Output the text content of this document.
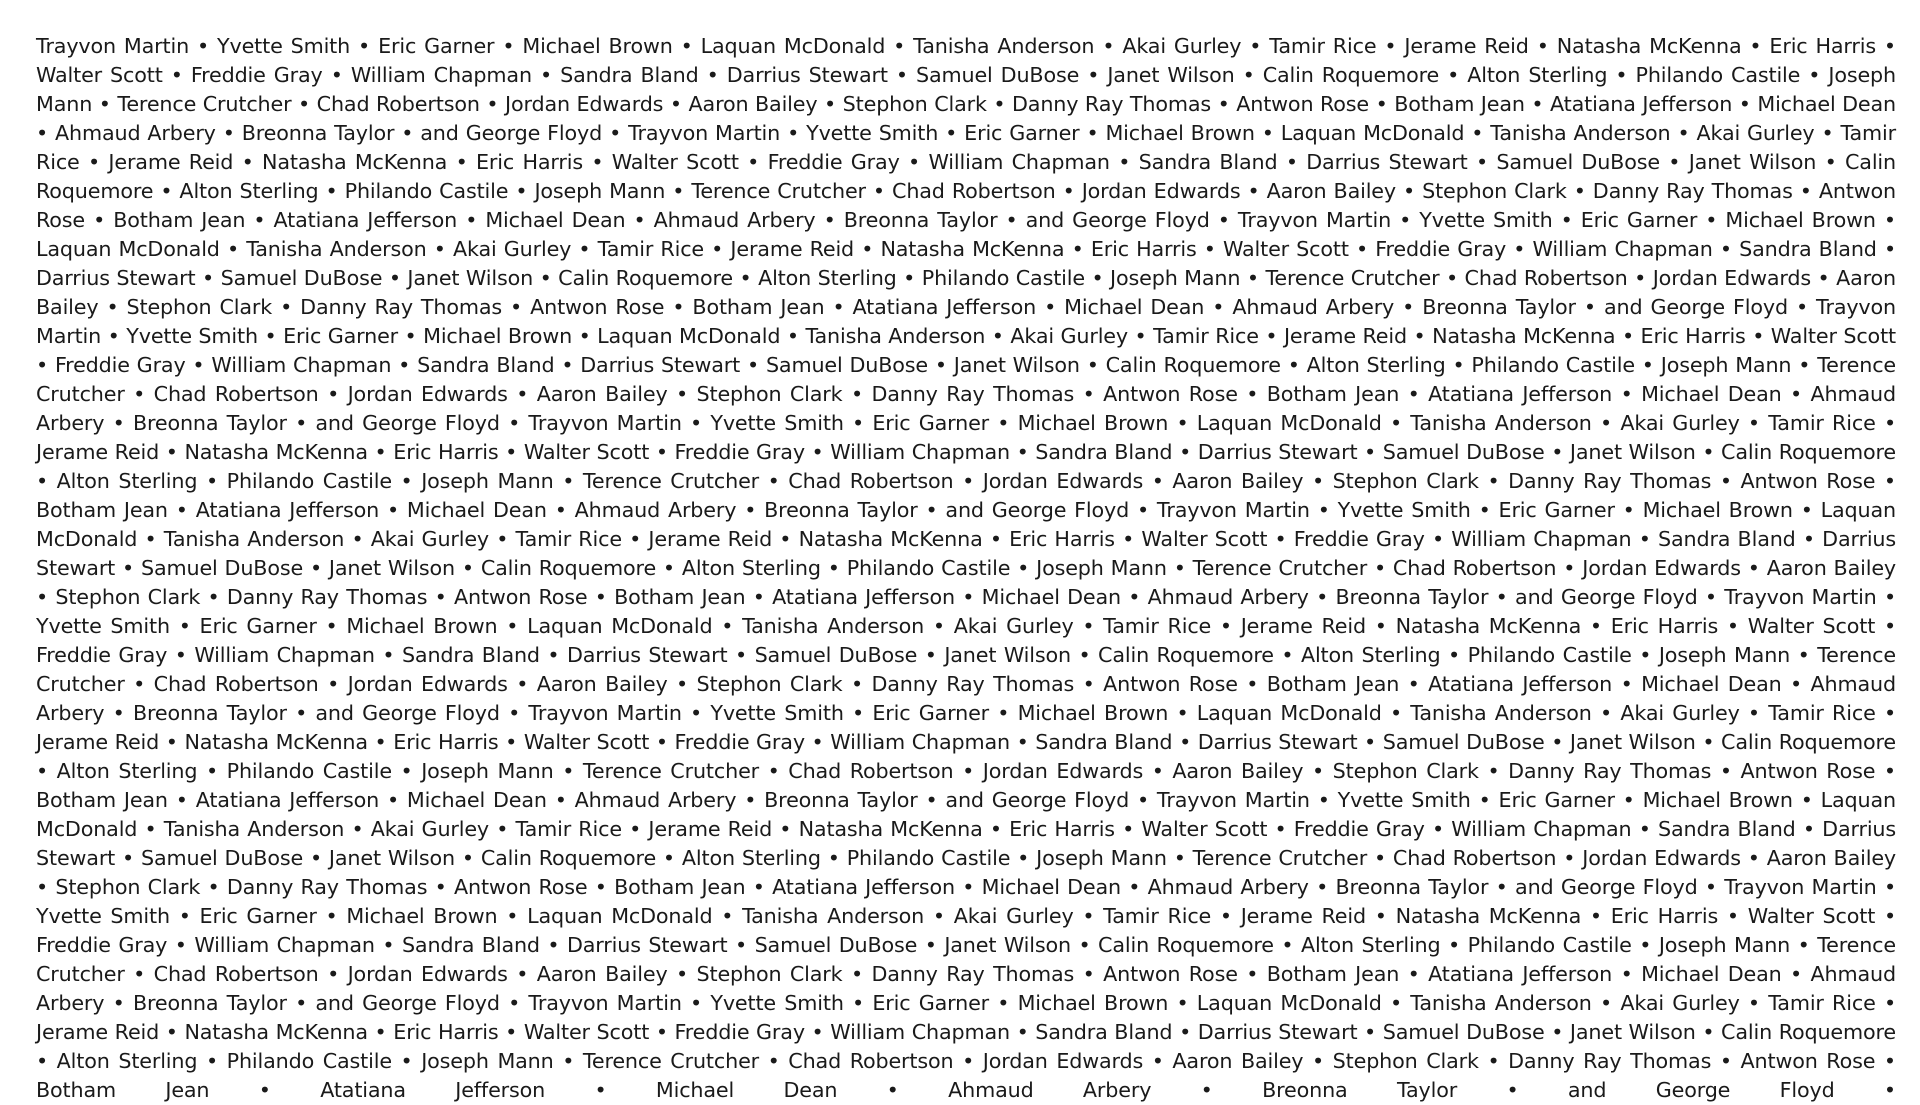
Trayvon Martin • Yvette Smith • Eric Garner • Michael Brown • Laquan McDonald • Tanisha Anderson • Akai Gurley • Tamir Rice • Jerame Reid • Natasha McKenna • Eric Harris • Walter Scott • Freddie Gray • William Chapman • Sandra Bland • Darrius Stewart • Samuel DuBose • Janet Wilson • Calin Roquemore • Alton Sterling • Philando Castile • Joseph Mann • Terence Crutcher • Chad Robertson • Jordan Edwards • Aaron Bailey • Stephon Clark • Danny Ray Thomas • Antwon Rose • Botham Jean • Atatiana Jefferson • Michael Dean • Ahmaud Arbery • Breonna Taylor • and George Floyd • Trayvon Martin • Yvette Smith • Eric Garner • Michael Brown • Laquan McDonald • Tanisha Anderson • Akai Gurley • Tamir Rice • Jerame Reid • Natasha McKenna • Eric Harris • Walter Scott • Freddie Gray • William Chapman • Sandra Bland • Darrius Stewart • Samuel DuBose • Janet Wilson • Calin Roquemore • Alton Sterling • Philando Castile • Joseph Mann • Terence Crutcher • Chad Robertson • Jordan Edwards • Aaron Bailey • Stephon Clark • Danny Ray Thomas • Antwon Rose • Botham Jean • Atatiana Jefferson • Michael Dean • Ahmaud Arbery • Breonna Taylor • and George Floyd • Trayvon Martin • Yvette Smith • Eric Garner • Michael Brown • Laquan McDonald • Tanisha Anderson • Akai Gurley • Tamir Rice • Jerame Reid • Natasha McKenna • Eric Harris • Walter Scott • Freddie Gray • William Chapman • Sandra Bland • Darrius Stewart • Samuel DuBose • Janet Wilson • Calin Roquemore • Alton Sterling • Philando Castile • Joseph Mann • Terence Crutcher • Chad Robertson • Jordan Edwards • Aaron Bailey • Stephon Clark • Danny Ray Thomas • Antwon Rose • Botham Jean • Atatiana Jefferson • Michael Dean • Ahmaud Arbery • Breonna Taylor • and George Floyd • Trayvon Martin • Yvette Smith • Eric Garner • Michael Brown • Laquan McDonald • Tanisha Anderson • Akai Gurley • Tamir Rice • Jerame Reid • Natasha McKenna • Eric Harris • Walter Scott • Freddie Gray • William Chapman • Sandra Bland • Darrius Stewart • Samuel DuBose • Janet Wilson • Calin Roquemore • Alton Sterling • Philando Castile • Joseph Mann • Terence Crutcher • Chad Robertson • Jordan Edwards • Aaron Bailey • Stephon Clark • Danny Ray Thomas • Antwon Rose • Botham Jean • Atatiana Jefferson • Michael Dean • Ahmaud Arbery • Breonna Taylor • and George Floyd • Trayvon Martin • Yvette Smith • Eric Garner • Michael Brown • Laquan McDonald • Tanisha Anderson • Akai Gurley • Tamir Rice • Jerame Reid • Natasha McKenna • Eric Harris • Walter Scott • Freddie Gray • William Chapman • Sandra Bland • Darrius Stewart • Samuel DuBose • Janet Wilson • Calin Roquemore • Alton Sterling • Philando Castile • Joseph Mann • Terence Crutcher • Chad Robertson • Jordan Edwards • Aaron Bailey • Stephon Clark • Danny Ray Thomas • Antwon Rose • Botham Jean • Atatiana Jefferson • Michael Dean • Ahmaud Arbery • Breonna Taylor • and George Floyd • Trayvon Martin • Yvette Smith • Eric Garner • Michael Brown • Laquan McDonald • Tanisha Anderson • Akai Gurley • Tamir Rice • Jerame Reid • Natasha McKenna • Eric Harris • Walter Scott • Freddie Gray • William Chapman • Sandra Bland • Darrius Stewart • Samuel DuBose • Janet Wilson • Calin Roquemore • Alton Sterling • Philando Castile • Joseph Mann • Terence Crutcher • Chad Robertson • Jordan Edwards • Aaron Bailey • Stephon Clark • Danny Ray Thomas • Antwon Rose • Botham Jean • Atatiana Jefferson • Michael Dean • Ahmaud Arbery • Breonna Taylor • and George Floyd • Trayvon Martin • Yvette Smith • Eric Garner • Michael Brown • Laquan McDonald • Tanisha Anderson • Akai Gurley • Tamir Rice • Jerame Reid • Natasha McKenna • Eric Harris • Walter Scott • Freddie Gray • William Chapman • Sandra Bland • Darrius Stewart • Samuel DuBose • Janet Wilson • Calin Roquemore • Alton Sterling • Philando Castile • Joseph Mann • Terence Crutcher • Chad Robertson • Jordan Edwards • Aaron Bailey • Stephon Clark • Danny Ray Thomas • Antwon Rose • Botham Jean • Atatiana Jefferson • Michael Dean • Ahmaud Arbery • Breonna Taylor • and George Floyd • Trayvon Martin • Yvette Smith • Eric Garner • Michael Brown • Laquan McDonald • Tanisha Anderson • Akai Gurley • Tamir Rice • Jerame Reid • Natasha McKenna • Eric Harris • Walter Scott • Freddie Gray • William Chapman • Sandra Bland • Darrius Stewart • Samuel DuBose • Janet Wilson • Calin Roquemore • Alton Sterling • Philando Castile • Joseph Mann • Terence Crutcher • Chad Robertson • Jordan Edwards • Aaron Bailey • Stephon Clark • Danny Ray Thomas • Antwon Rose • Botham Jean • Atatiana Jefferson • Michael Dean • Ahmaud Arbery • Breonna Taylor • and George Floyd • Trayvon Martin • Yvette Smith • Eric Garner • Michael Brown • Laquan McDonald • Tanisha Anderson • Akai Gurley • Tamir Rice • Jerame Reid • Natasha McKenna • Eric Harris • Walter Scott • Freddie Gray • William Chapman • Sandra Bland • Darrius Stewart • Samuel DuBose • Janet Wilson • Calin Roquemore • Alton Sterling • Philando Castile • Joseph Mann • Terence Crutcher • Chad Robertson • Jordan Edwards • Aaron Bailey • Stephon Clark • Danny Ray Thomas • Antwon Rose • Botham Jean • Atatiana Jefferson • Michael Dean • Ahmaud Arbery • Breonna Taylor • and George Floyd • Trayvon Martin • Yvette Smith • Eric Garner • Michael Brown • Laquan McDonald • Tanisha Anderson • Akai Gurley • Tamir Rice • Jerame Reid • Natasha McKenna • Eric Harris • Walter Scott • Freddie Gray • William Chapman • Sandra Bland • Darrius Stewart • Samuel DuBose • Janet Wilson • Calin Roquemore • Alton Sterling • Philando Castile • Joseph Mann • Terence Crutcher • Chad Robertson • Jordan Edwards • Aaron Bailey • Stephon Clark • Danny Ray Thomas • Antwon Rose • Botham Jean • Atatiana Jefferson • Michael Dean • Ahmaud Arbery • Breonna Taylor • and George Floyd • Trayvon Martin • Yvette Smith • Eric Garner • Michael Brown • Laquan McDonald • Tanisha Anderson • Akai Gurley • Tamir Rice • Jerame Reid • Natasha McKenna • Eric Harris • Walter Scott • Freddie Gray • William Chapman • Sandra Bland • Darrius Stewart • Samuel DuBose • Janet Wilson • Calin Roquemore • Alton Sterling • Philando Castile • Joseph Mann • Terence Crutcher • Chad Robertson • Jordan Edwards • Aaron Bailey • Stephon Clark • Danny Ray Thomas • Antwon Rose • Botham Jean • Atatiana Jefferson • Michael Dean • Ahmaud Arbery • Breonna Taylor • and George Floyd •
